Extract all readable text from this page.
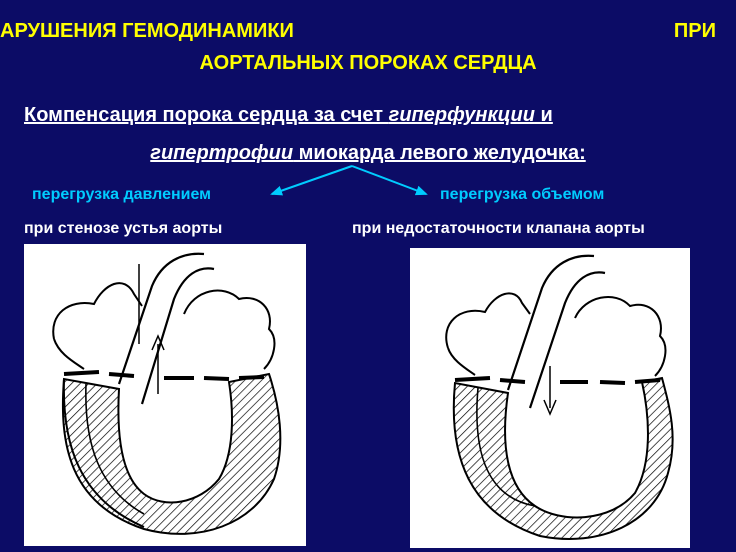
АРУШЕНИЯ ГЕМОДИНАМИКИ	ПРИ
АОРТАЛЬНЫХ ПОРОКАХ СЕРДЦА
Компенсация порока сердца за счет гиперфункции и
гипертрофии миокарда левого желудочка:
перегрузка давлением	перегрузка объемом
при стенозе устья аорты	при недостаточности клапана аорты
